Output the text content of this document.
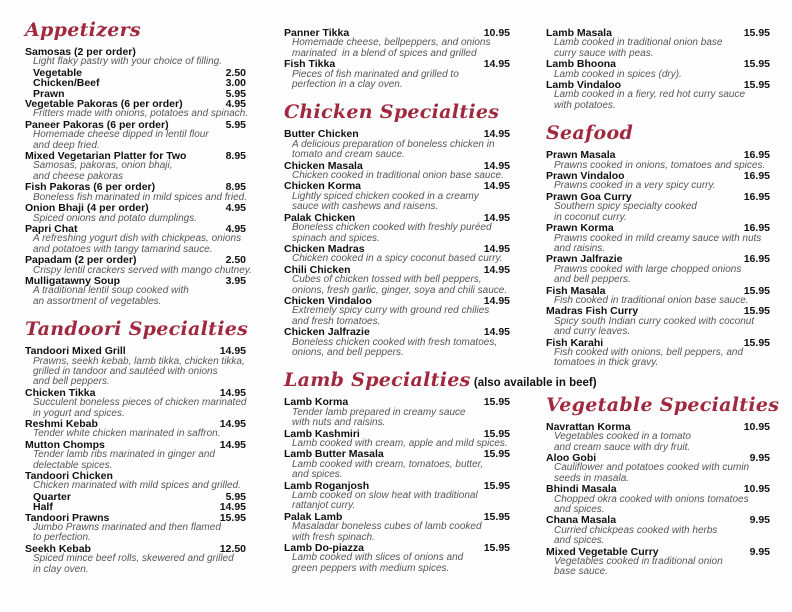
Appetizers
Samosas (2 per order)
Light flaky pastry with your choice of filling.
Vegetable	2.50
Chicken/Beef	3.00
Prawn	5.95
Vegetable Pakoras (6 per order)	4.95
Fritters made with onions, potatoes and spinach.
Paneer Pakoras (6 per order)	5.95
Homemade cheese dipped in lentil flour
and deep fried.
Mixed Vegetarian Platter for Two	8.95
Samosas, pakoras, onion bhaji,
and cheese pakoras
Fish Pakoras (6 per order)	8.95
Boneless fish marinated in mild spices and fried.
Onion Bhaji (4 per order)	4.95
Spiced onions and potato dumplings.
Papri Chat	4.95
A refreshing yogurt dish with chickpeas, onions
and potatoes with tangy tamarind sauce.
Papadam (2 per order)	2.50
Crispy lentil crackers served with mango chutney.
Mulligatawny Soup	3.95
A traditional lentil soup cooked with
an assortment of vegetables.
Tandoori Specialties
Tandoori Mixed Grill	14.95
Prawns, seekh kebab, lamb tikka, chicken tikka,
grilled in tandoor and sautéed with onions
and bell peppers.
Chicken Tikka	14.95
Succulent boneless pieces of chicken marinated
in yogurt and spices.
Reshmi Kebab	14.95
Tender white chicken marinated in saffron.
Mutton Chomps	14.95
Tender lamb ribs marinated in ginger and
delectable spices.
Tandoori Chicken
Chicken marinated with mild spices and grilled.
Quarter	5.95
Half	14.95
Tandoori Prawns	15.95
Jumbo Prawns marinated and then flamed
to perfection.
Seekh Kebab	12.50
Spiced mince beef rolls, skewered and grilled
in clay oven.
Panner Tikka	10.95
Homemade cheese, bellpeppers, and onions
marinated  in a blend of spices and grilled
Fish Tikka	14.95
Pieces of fish marinated and grilled to
perfection in a clay oven.
Chicken Specialties
Butter Chicken	14.95
A delicious preparation of boneless chicken in
tomato and cream sauce.
Chicken Masala	14.95
Chicken cooked in traditional onion base sauce.
Chicken Korma	14.95
Lightly spiced chicken cooked in a creamy
sauce with cashews and raisens.
Palak Chicken	14.95
Boneless chicken cooked with freshly puréed
spinach and spices.
Chicken Madras	14.95
Chicken cooked in a spicy coconut based curry.
Chili Chicken	14.95
Cubes of chicken tossed with bell peppers,
onions, fresh garlic, ginger, soya and chili sauce.
Chicken Vindaloo	14.95
Extremely spicy curry with ground red chilies
and fresh tomatoes.
Chicken Jalfrazie	14.95
Boneless chicken cooked with fresh tomatoes,
onions, and bell peppers.
Lamb Specialties (also available in beef)
Lamb Korma	15.95
Tender lamb prepared in creamy sauce
with nuts and raisins.
Lamb Kashmiri	15.95
Lamb cooked with cream, apple and mild spices.
Lamb Butter Masala	15.95
Lamb cooked with cream, tomatoes, butter,
and spices.
Lamb Roganjosh	15.95
Lamb cooked on slow heat with traditional
rattanjot curry.
Palak Lamb	15.95
Masaladar boneless cubes of lamb cooked
with fresh spinach.
Lamb Do-piazza	15.95
Lamb cooked with slices of onions and
green peppers with medium spices.
Lamb Masala	15.95
Lamb cooked in traditional onion base
curry sauce with peas.
Lamb Bhoona	15.95
Lamb cooked in spices (dry).
Lamb Vindaloo	15.95
Lamb cooked in a fiery, red hot curry sauce
with potatoes.
Seafood
Prawn Masala	16.95
Prawns cooked in onions, tomatoes and spices.
Prawn Vindaloo	16.95
Prawns cooked in a very spicy curry.
Prawn Goa Curry	16.95
Southern spicy specialty cooked
in coconut curry.
Prawn Korma	16.95
Prawns cooked in mild creamy sauce with nuts
and raisins.
Prawn Jalfrazie	16.95
Prawns cooked with large chopped onions
and bell peppers.
Fish Masala	15.95
Fish cooked in traditional onion base sauce.
Madras Fish Curry	15.95
Spicy south Indian curry cooked with coconut
and curry leaves.
Fish Karahi	15.95
Fish cooked with onions, bell peppers, and
tomatoes in thick gravy.
Vegetable Specialties
Navrattan Korma	10.95
Vegetables cooked in a tomato
and cream sauce with dry fruit.
Aloo Gobi	9.95
Cauliflower and potatoes cooked with cumin
seeds in masala.
Bhindi Masala	10.95
Chopped okra cooked with onions tomatoes
and spices.
Chana Masala	9.95
Curried chickpeas cooked with herbs
and spices.
Mixed Vegetable Curry	9.95
Vegetables cooked in traditional onion
base sauce.
